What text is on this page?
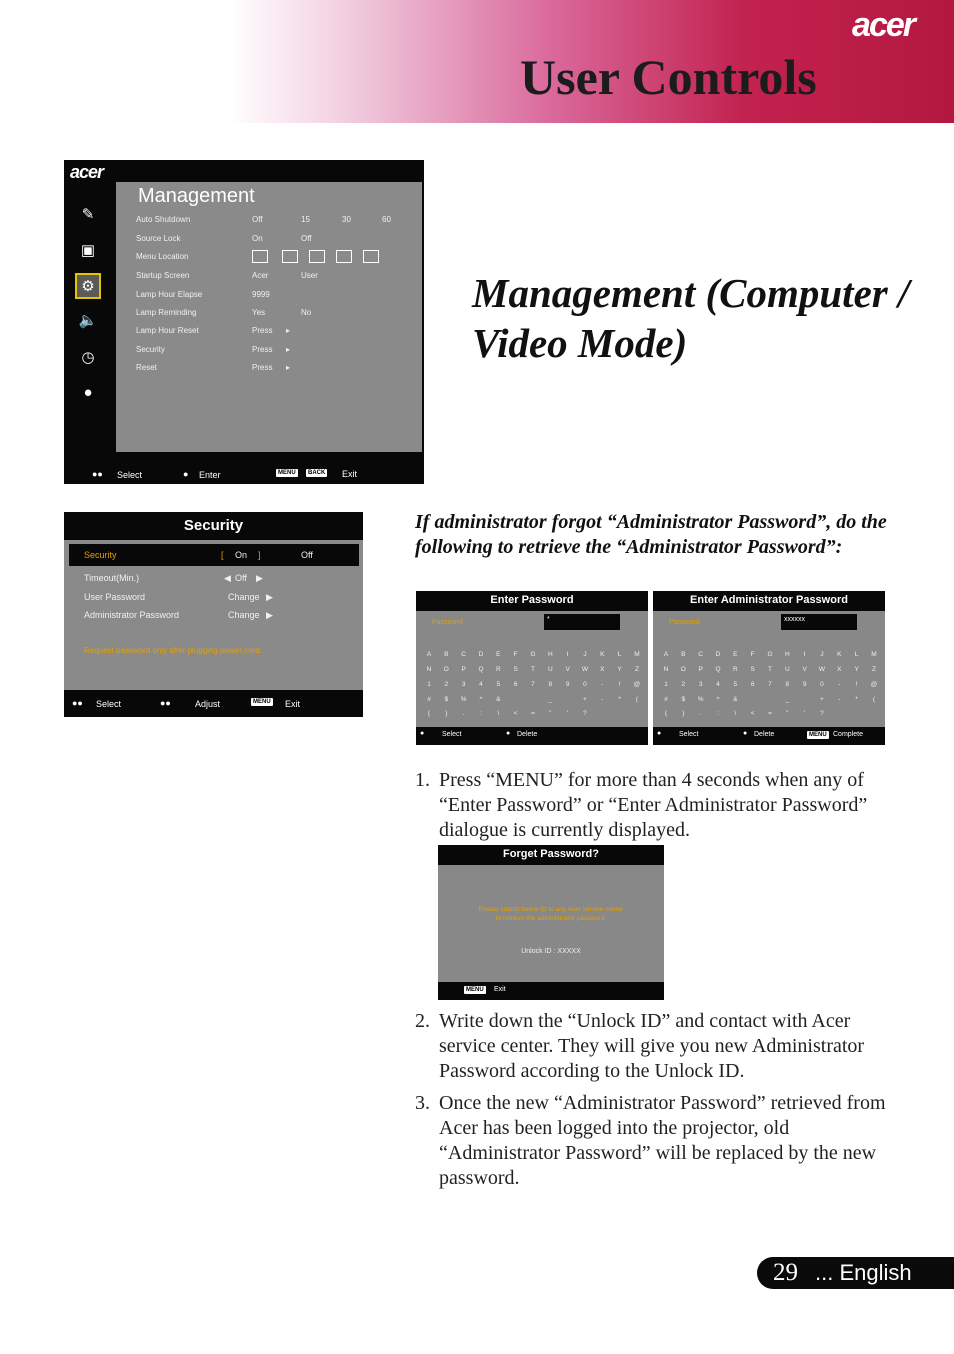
acer
User Controls
acer
✎
▣
⚙
🔈
◷
●
Management
Auto Shutdown	Off	15	30	60
Source Lock	On	Off
Menu Location
Startup Screen	Acer	User
Lamp Hour Elapse	9999
Lamp Reminding	Yes	No
Lamp Hour Reset	Press ▸
Security	Press ▸
Reset	Press ▸
●● Select	● Enter	MENU	BACK Exit
Management (Computer / Video Mode)
Security
Security	[ On ]	Off
Timeout(Min.)	◀ Off ▶
User Password	Change ▶
Administrator Password	Change ▶
Request password only after plugging power cord.
●● Select	●●	Adjust	MENU Exit
If administrator forgot “Administrator Password”, do the following to retrieve the “Administrator Password”:
Enter Password
Password	*
A	B	C	D	E	F	G	H	I	J	K	L	M
N	O	P	Q	R	S	T	U	V	W	X	Y	Z
1	2	3	4	5	6	7	8	9	0	-	!	@
#	$	%	^	&	_	+	-	*	(
{	}	.	:	\	<	=	"	'	?
●	Select	● Delete
Enter Administrator Password
Password	xxxxxx
A	B	C	D	E	F	G	H	I	J	K	L	M
N	O	P	Q	R	S	T	U	V	W	X	Y	Z
1	2	3	4	5	6	7	8	9	0	-	!	@
#	$	%	^	&	_	+	-	*	(
{	}	.	:	\	<	=	"	'	?
●	Select	● Delete	MENU Complete
1. Press “MENU” for more than 4 seconds when any of “Enter Password” or “Enter Administrator Password” dialogue is currently displayed.
Forget Password?
Please submit below ID to any Acer service center
to retrieve the administrator password.
Unlock ID : XXXXX
MENU Exit
2. Write down the “Unlock ID” and contact with Acer service center. They will give you new Administrator Password according to the Unlock ID.
3. Once the new “Administrator Password” retrieved from Acer has been logged into the projector, old “Administrator Password” will be replaced by the new password.
29 ... English
